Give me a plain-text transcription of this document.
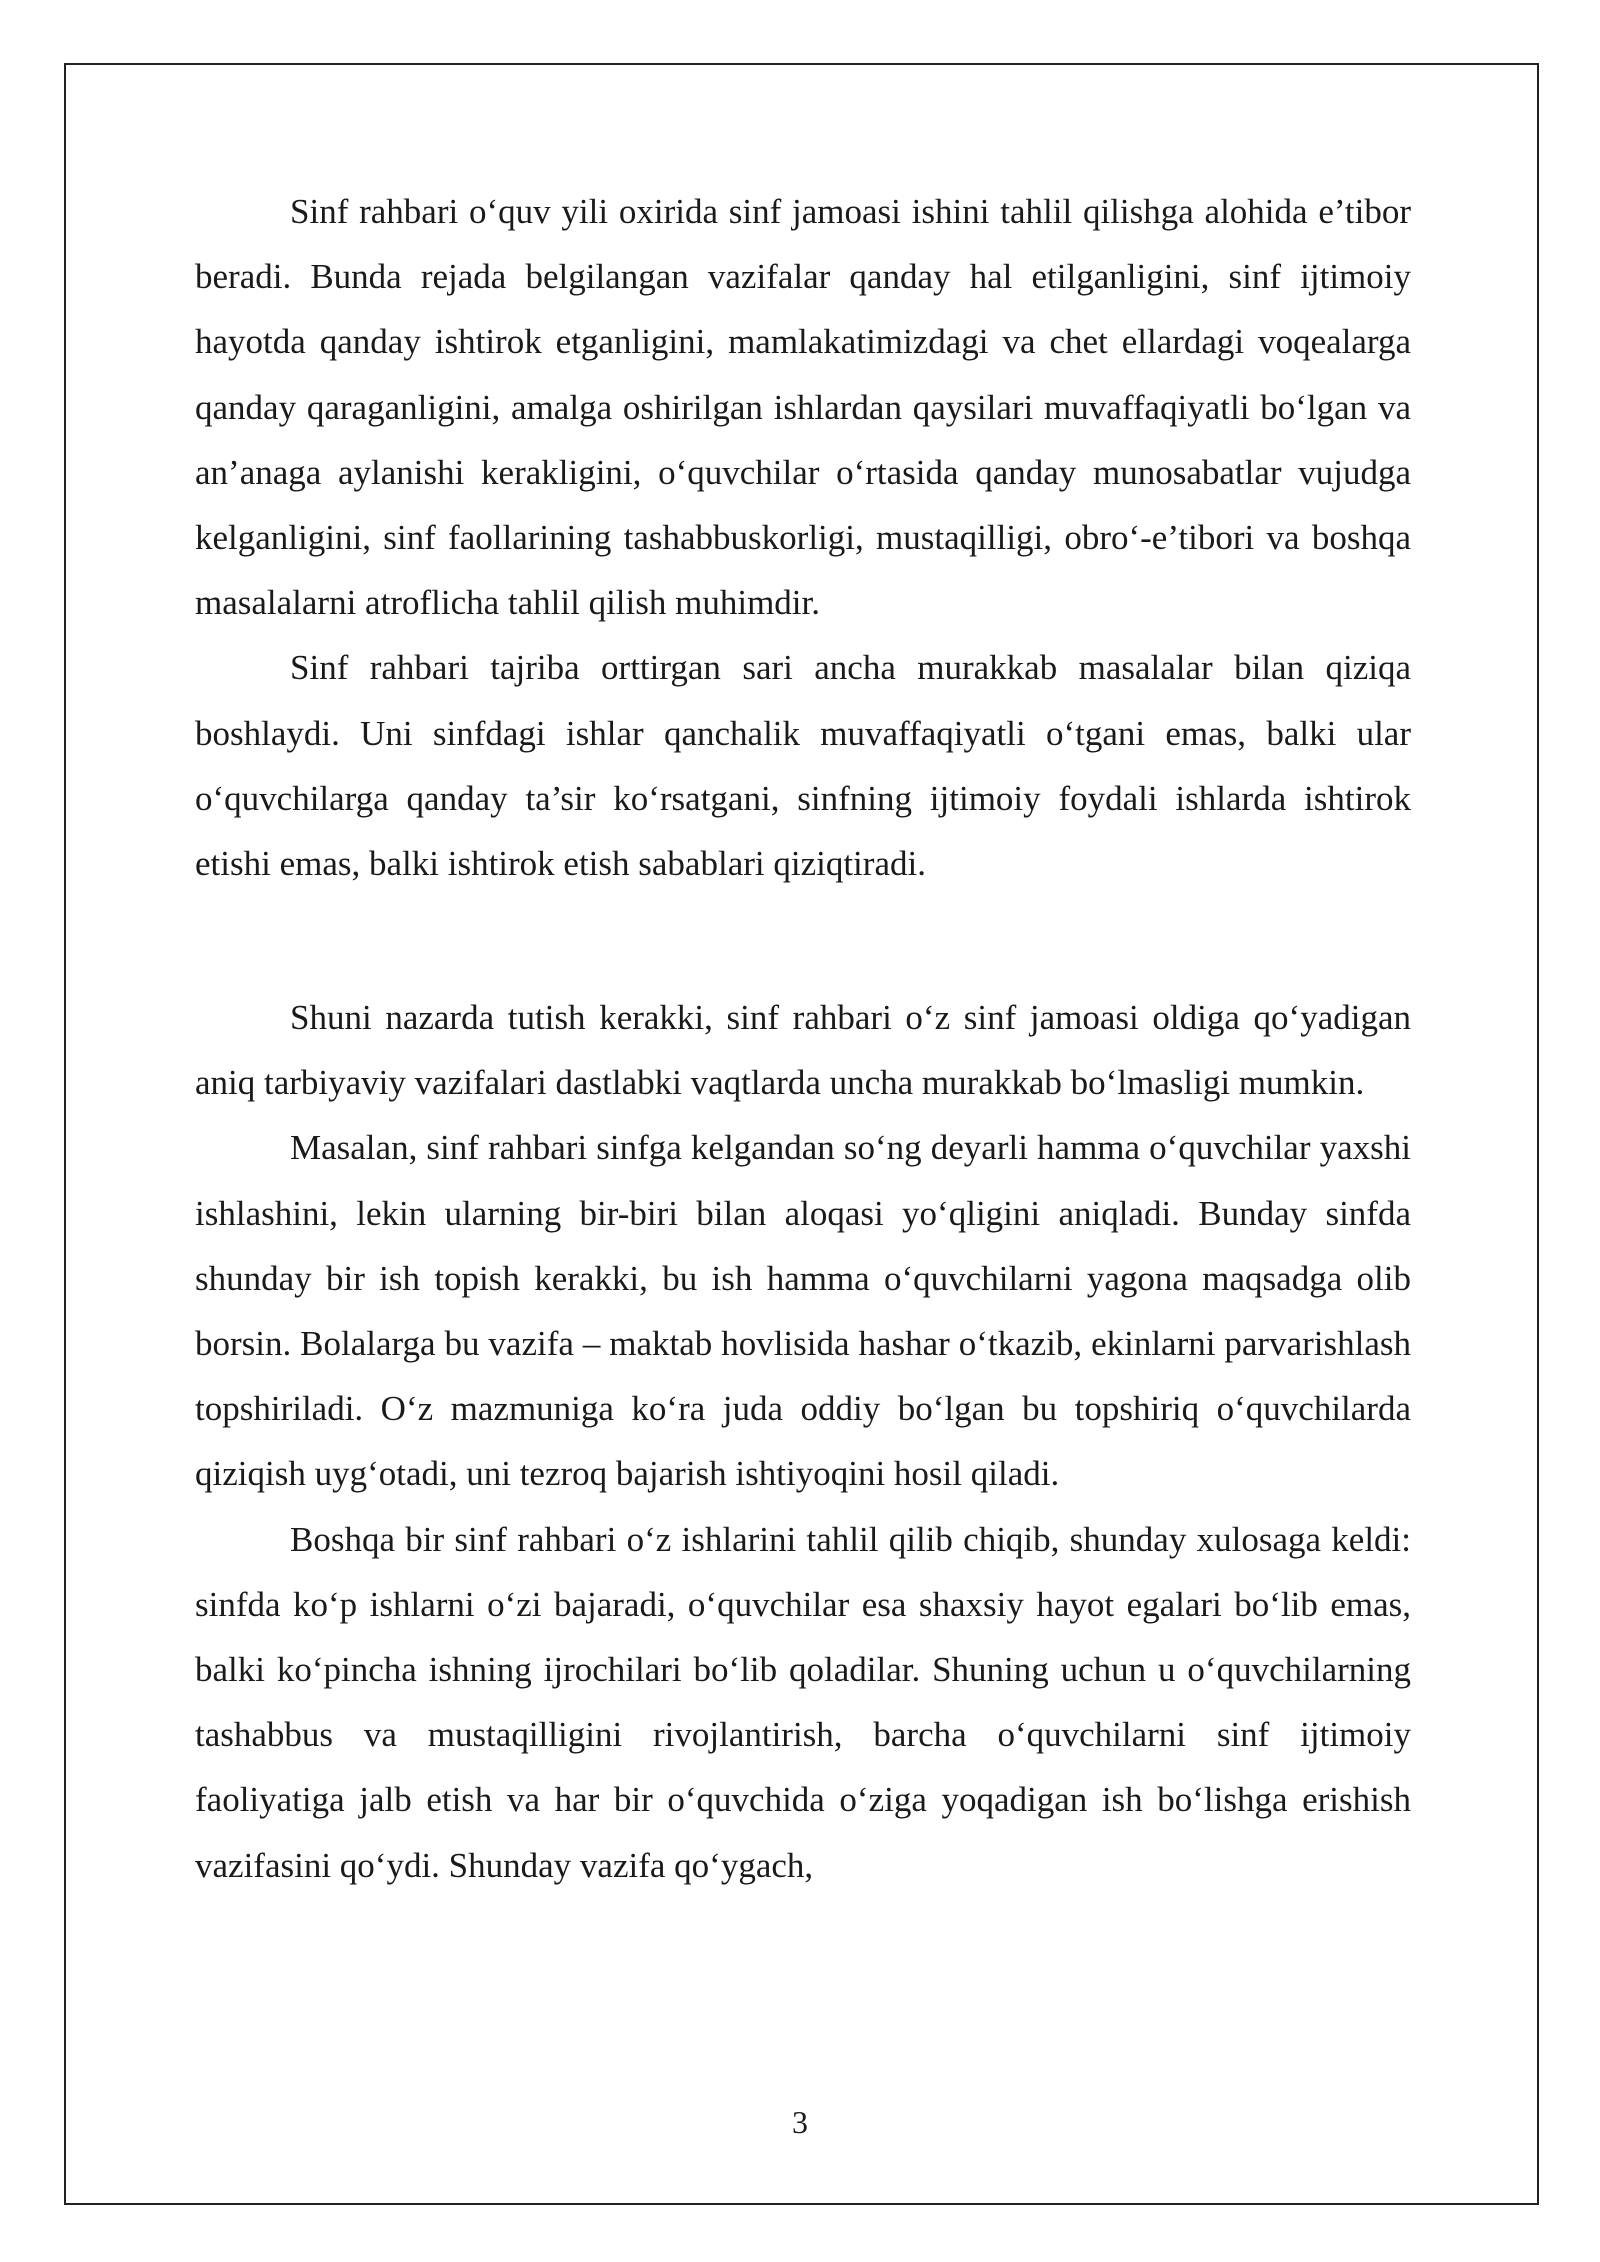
Sinf rahbari o‘quv yili oxirida sinf jamoasi ishini tahlil qilishga alohida e’tibor beradi. Bunda rejada belgilangan vazifalar qanday hal etilganligini, sinf ijtimoiy hayotda qanday ishtirok etganligini, mamlakatimizdagi va chet ellardagi voqealarga qanday qaraganligini, amalga oshirilgan ishlardan qaysilari muvaffaqiyatli bo‘lgan va an’anaga aylanishi kerakligini, o‘quvchilar o‘rtasida qanday munosabatlar vujudga kelganligini, sinf faollarining tashabbuskorligi, mustaqilligi, obro‘-e’tibori va boshqa masalalarni atroflicha tahlil qilish muhimdir.

Sinf rahbari tajriba orttirgan sari ancha murakkab masalalar bilan qiziqa boshlaydi. Uni sinfdagi ishlar qanchalik muvaffaqiyatli o‘tgani emas, balki ular o‘quvchilarga qanday ta’sir ko‘rsatgani, sinfning ijtimoiy foydali ishlarda ishtirok etishi emas, balki ishtirok etish sabablari qiziqtiradi.

Shuni nazarda tutish kerakki, sinf rahbari o‘z sinf jamoasi oldiga qo‘yadigan aniq tarbiyaviy vazifalari dastlabki vaqtlarda uncha murakkab bo‘lmasligi mumkin.

Masalan, sinf rahbari sinfga kelgandan so‘ng deyarli hamma o‘quvchilar yaxshi ishlashini, lekin ularning bir-biri bilan aloqasi yo‘qligini aniqladi. Bunday sinfda shunday bir ish topish kerakki, bu ish hamma o‘quvchilarni yagona maqsadga olib borsin. Bolalarga bu vazifa – maktab hovlisida hashar o‘tkazib, ekinlarni parvarishlash topshiriladi. O‘z mazmuniga ko‘ra juda oddiy bo‘lgan bu topshiriq o‘quvchilarda qiziqish uyg‘otadi, uni tezroq bajarish ishtiyoqini hosil qiladi.

Boshqa bir sinf rahbari o‘z ishlarini tahlil qilib chiqib, shunday xulosaga keldi: sinfda ko‘p ishlarni o‘zi bajaradi, o‘quvchilar esa shaxsiy hayot egalari bo‘lib emas, balki ko‘pincha ishning ijrochilari bo‘lib qoladilar. Shuning uchun u o‘quvchilarning tashabbus va mustaqilligini rivojlantirish, barcha o‘quvchilarni sinf ijtimoiy faoliyatiga jalb etish va har bir o‘quvchida o‘ziga yoqadigan ish bo‘lishga erishish vazifasini qo‘ydi. Shunday vazifa qo‘ygach,

3
